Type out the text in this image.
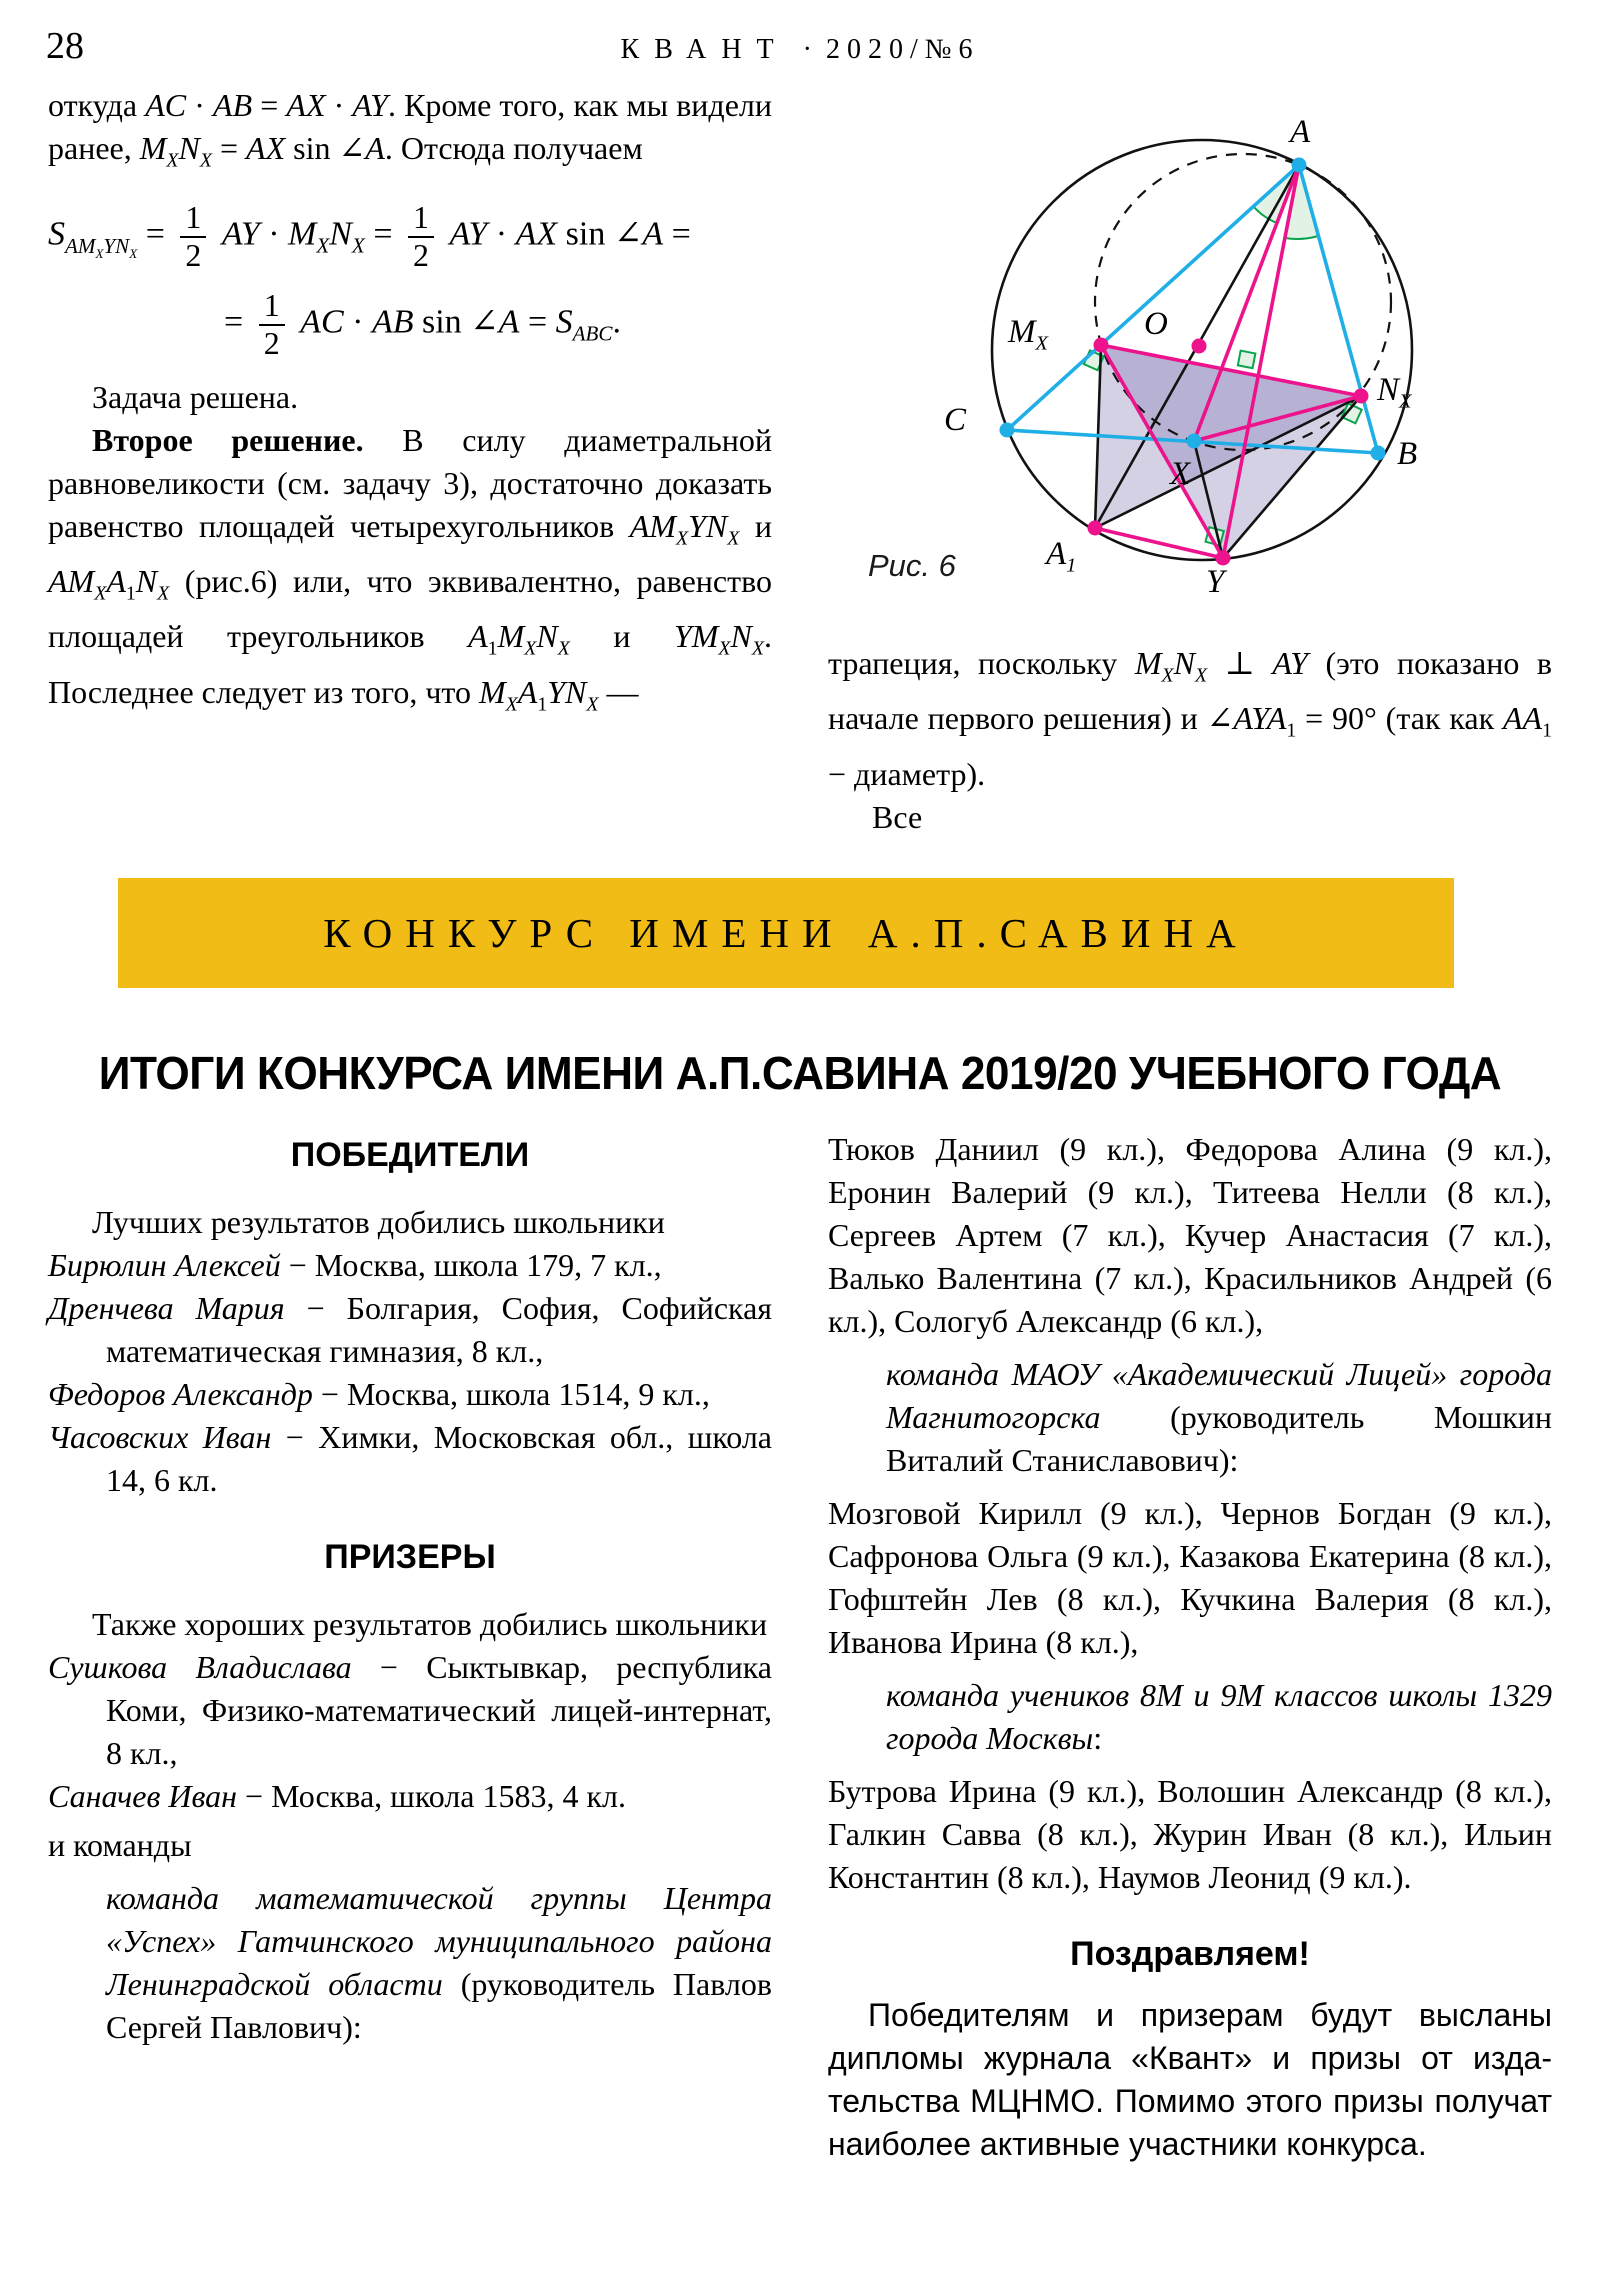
28	КВАНТ · 2020/№6

откуда AC · AB = AX · AY. Кроме того, как мы видели ранее, $M_XN_X$ = AX sin ∠A. Отсюда получаем

$S_{AM_XYN_X} = \frac{1}{2}$ AY · $M_XN_X = \frac{1}{2}$ AY · AX sin ∠A =
= $\frac{1}{2}$ AC · AB sin ∠A = $S_{ABC}$.

Задача решена.

Второе решение. В силу диаметральной равновеликости (см. задачу 3), достаточно доказать равенство площадей четырехугольников $AM_XYN_X$ и $AM_XA_1N_X$ (рис.6) или, что эквивалентно, равенство площадей треугольников $A_1M_XN_X$ и $YM_XN_X$. Последнее следует из того, что $M_XA_1YN_X$ —

A
$M_X$
O
$N_X$
C
X
B
$A_1$	Y
Рис. 6

трапеция, поскольку $M_XN_X$ ⊥ AY (это показано в начале первого решения) и $\angle AYA_1 = 90^\circ$ (так как $AA_1$ − диаметр).

Все

КОНКУРС ИМЕНИ А.П.САВИНА
ИТОГИ КОНКУРСА ИМЕНИ А.П.САВИНА 2019/20 УЧЕБНОГО ГОДА
ПОБЕДИТЕЛИ

Лучших результатов добились школьники

Бирюлин Алексей − Москва, школа 179, 7 кл.,
Дренчева Мария − Болгария, София, Софийская математическая гимназия, 8 кл.,
Федоров Александр − Москва, школа 1514, 9 кл.,
Часовских Иван − Химки, Московская обл., школа 14, 6 кл.
ПРИЗЕРЫ

Также хороших результатов добились школьники

Сушкова Владислава − Сыктывкар, республика Коми, Физико-математический лицей-интернат, 8 кл.,
Саначев Иван − Москва, школа 1583, 4 кл.

и команды

команда математической группы Центра «Успех» Гатчинского муниципального района Ленинградской области (руководитель Павлов Сергей Павлович):

Тюков Даниил (9 кл.), Федорова Алина (9 кл.), Еронин Валерий (9 кл.), Титеева Нелли (8 кл.), Сергеев Артем (7 кл.), Кучер Анастасия (7 кл.), Валько Валентина (7 кл.), Красильников Андрей (6 кл.), Сологуб Александр (6 кл.),

команда МАОУ «Академический Лицей» города Магнитогорска (руководитель Мошкин Виталий Станиславович):

Мозговой Кирилл (9 кл.), Чернов Богдан (9 кл.), Сафронова Ольга (9 кл.), Казакова Екатерина (8 кл.), Гофштейн Лев (8 кл.), Кучкина Валерия (8 кл.), Иванова Ирина (8 кл.),

команда учеников 8М и 9М классов школы 1329 города Москвы:

Бутрова Ирина (9 кл.), Волошин Александр (8 кл.), Галкин Савва (8 кл.), Журин Иван (8 кл.), Ильин Константин (8 кл.), Наумов Леонид (9 кл.).

Поздравляем!

Победителям и призерам будут высланы дипломы журнала «Квант» и призы от издательства МЦНМО. Помимо этого призы получат наиболее активные участники конкурса.
